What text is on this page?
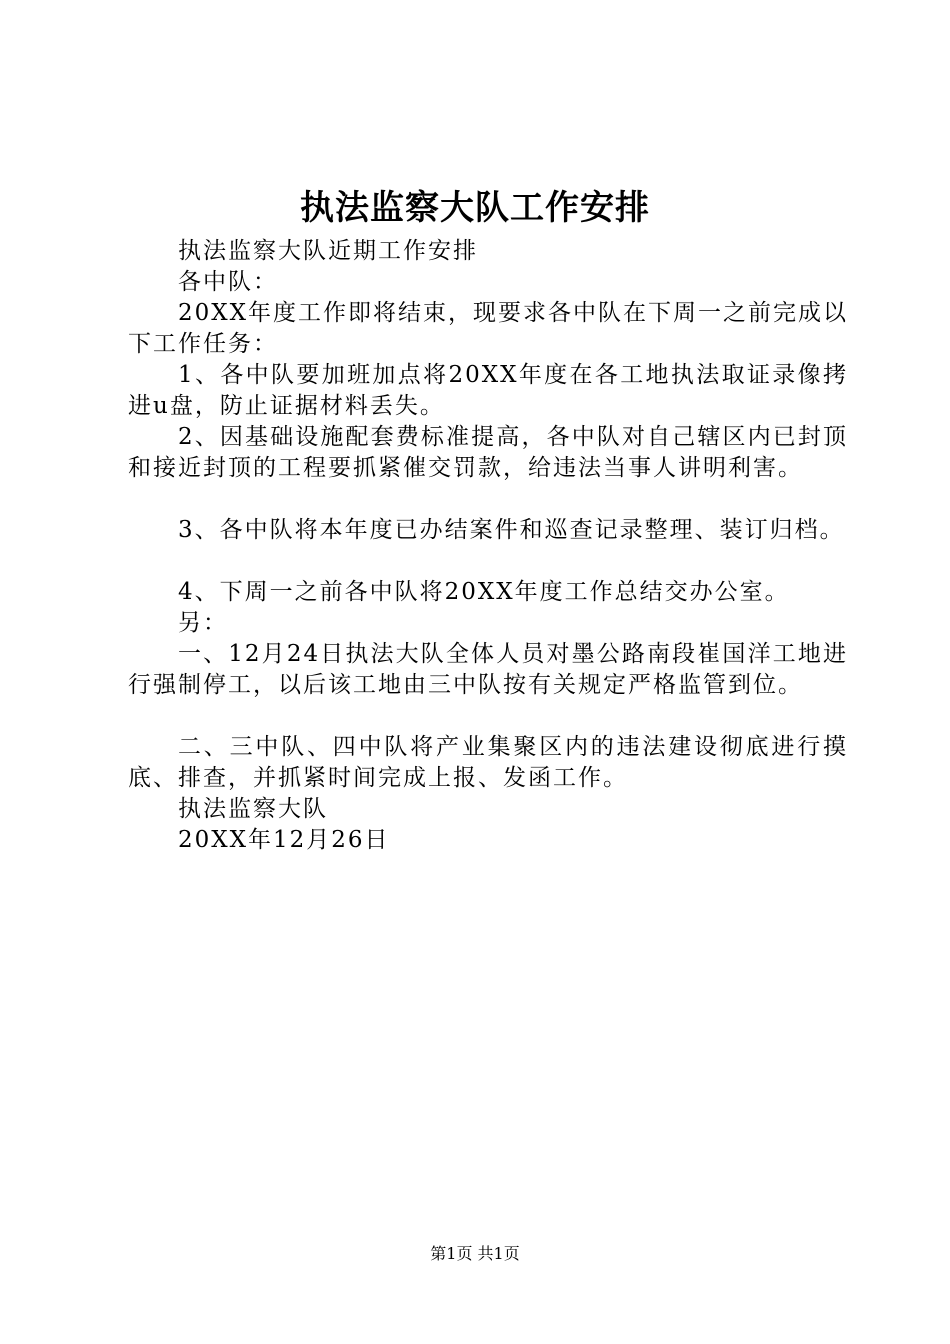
执法监察大队工作安排

执法监察大队近期工作安排

各中队：

20XX年度工作即将结束，现要求各中队在下周一之前完成以下工作任务：

1、各中队要加班加点将20XX年度在各工地执法取证录像拷进u盘，防止证据材料丢失。

2、因基础设施配套费标准提高，各中队对自己辖区内已封顶和接近封顶的工程要抓紧催交罚款，给违法当事人讲明利害。

3、各中队将本年度已办结案件和巡查记录整理、装订归档。

4、下周一之前各中队将20XX年度工作总结交办公室。

另：

一、12月24日执法大队全体人员对墨公路南段崔国洋工地进行强制停工，以后该工地由三中队按有关规定严格监管到位。

二、三中队、四中队将产业集聚区内的违法建设彻底进行摸底、排查，并抓紧时间完成上报、发函工作。

执法监察大队

20XX年12月26日

第1页 共1页
